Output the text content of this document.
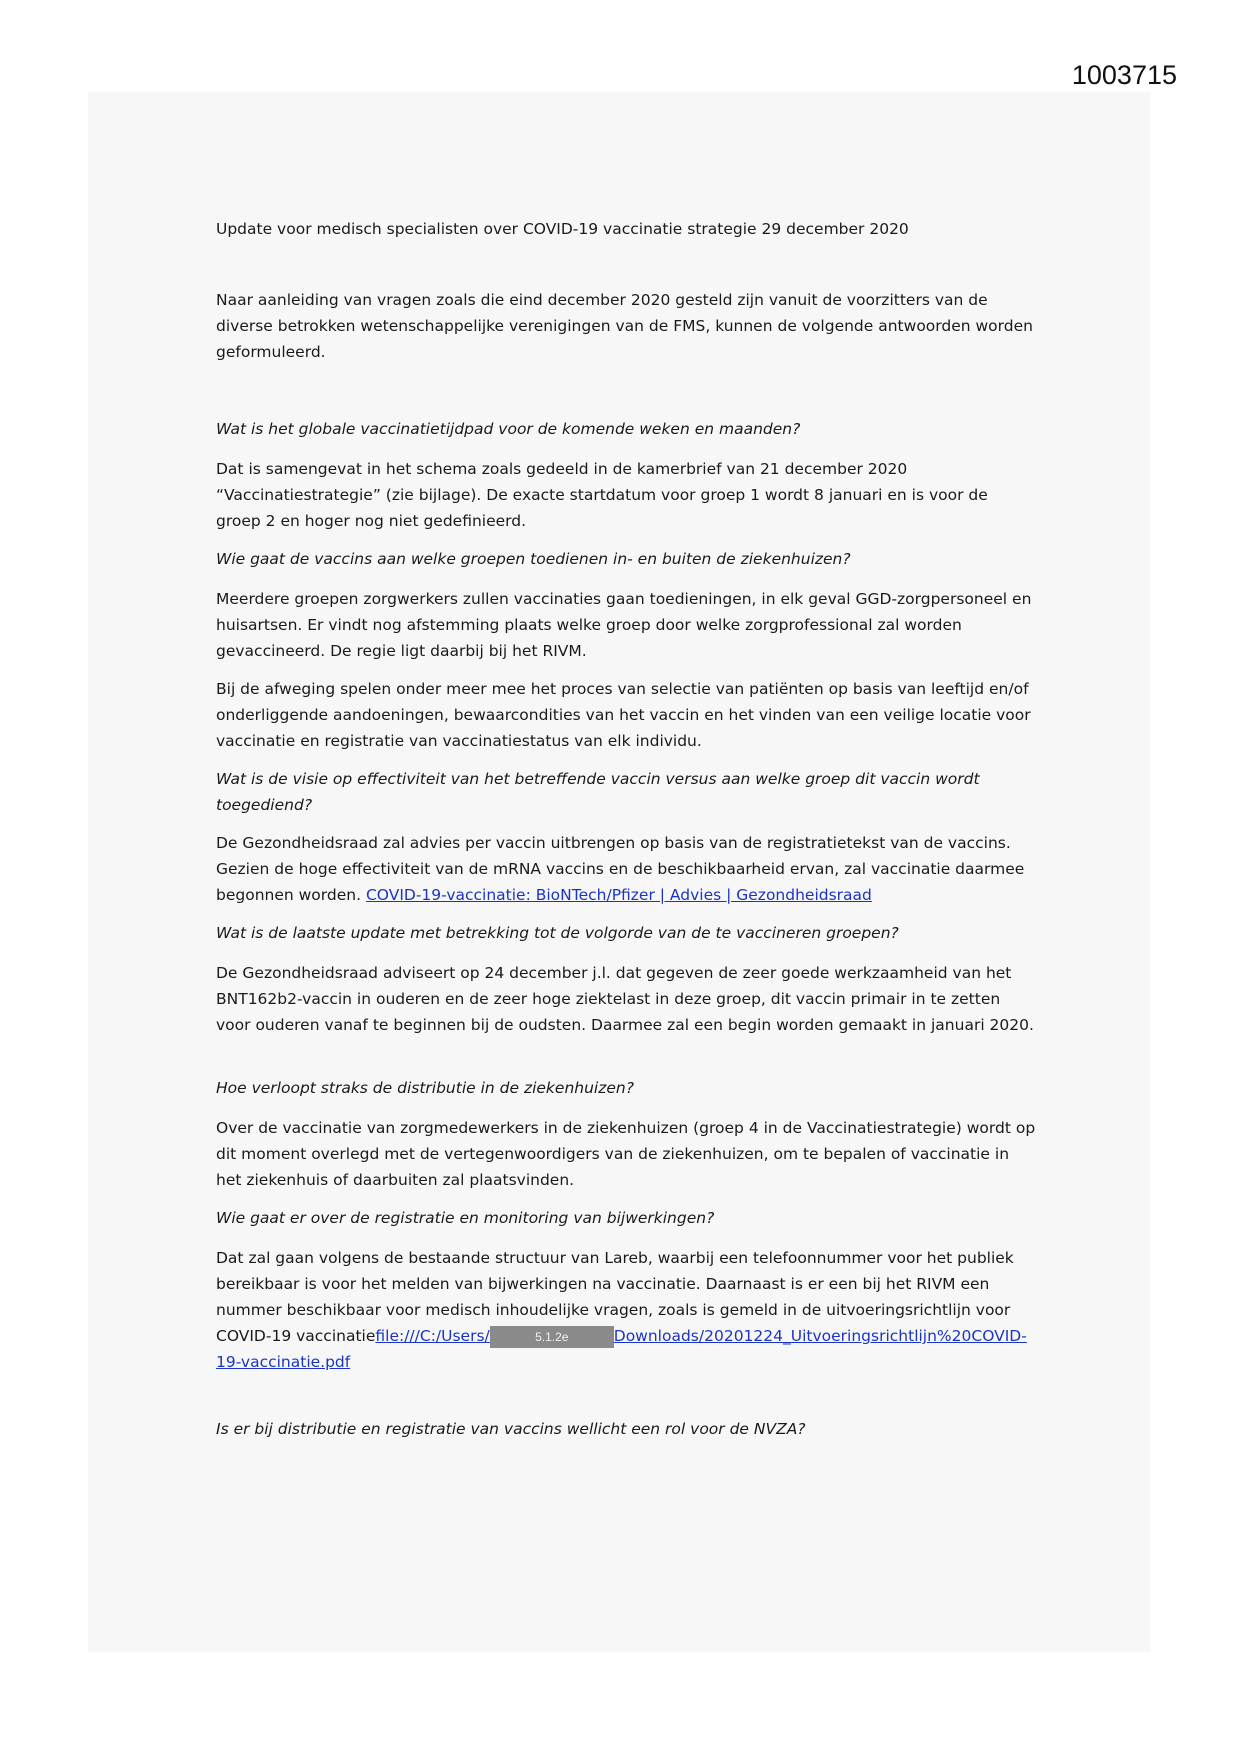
1003715
Update voor medisch specialisten over COVID-19 vaccinatie strategie 29 december 2020

Naar aanleiding van vragen zoals die eind december 2020 gesteld zijn vanuit de voorzitters van de diverse betrokken wetenschappelijke verenigingen van de FMS, kunnen de volgende antwoorden worden geformuleerd.

Wat is het globale vaccinatietijdpad voor de komende weken en maanden?

Dat is samengevat in het schema zoals gedeeld in de kamerbrief van 21 december 2020 “Vaccinatiestrategie” (zie bijlage). De exacte startdatum voor groep 1 wordt 8 januari en is voor de groep 2 en hoger nog niet gedefinieerd.

Wie gaat de vaccins aan welke groepen toedienen in- en buiten de ziekenhuizen?

Meerdere groepen zorgwerkers zullen vaccinaties gaan toedieningen, in elk geval GGD-zorgpersoneel en huisartsen. Er vindt nog afstemming plaats welke groep door welke zorgprofessional zal worden gevaccineerd. De regie ligt daarbij bij het RIVM.

Bij de afweging spelen onder meer mee het proces van selectie van patiënten op basis van leeftijd en/of onderliggende aandoeningen, bewaarcondities van het vaccin en het vinden van een veilige locatie voor vaccinatie en registratie van vaccinatiestatus van elk individu.

Wat is de visie op effectiviteit van het betreffende vaccin versus aan welke groep dit vaccin wordt toegediend?

De Gezondheidsraad zal advies per vaccin uitbrengen op basis van de registratietekst van de vaccins. Gezien de hoge effectiviteit van de mRNA vaccins en de beschikbaarheid ervan, zal vaccinatie daarmee begonnen worden. COVID-19-vaccinatie: BioNTech/Pfizer | Advies | Gezondheidsraad

Wat is de laatste update met betrekking tot de volgorde van de te vaccineren groepen?

De Gezondheidsraad adviseert op 24 december j.l. dat gegeven de zeer goede werkzaamheid van het BNT162b2-vaccin in ouderen en de zeer hoge ziektelast in deze groep, dit vaccin primair in te zetten voor ouderen vanaf te beginnen bij de oudsten. Daarmee zal een begin worden gemaakt in januari 2020.

Hoe verloopt straks de distributie in de ziekenhuizen?

Over de vaccinatie van zorgmedewerkers in de ziekenhuizen (groep 4 in de Vaccinatiestrategie) wordt op dit moment overlegd met de vertegenwoordigers van de ziekenhuizen, om te bepalen of vaccinatie in het ziekenhuis of daarbuiten zal plaatsvinden.

Wie gaat er over de registratie en monitoring van bijwerkingen?

Dat zal gaan volgens de bestaande structuur van Lareb, waarbij een telefoonnummer voor het publiek bereikbaar is voor het melden van bijwerkingen na vaccinatie. Daarnaast is er een bij het RIVM een nummer beschikbaar voor medisch inhoudelijke vragen, zoals is gemeld in de uitvoeringsrichtlijn voor COVID-19 vaccinatiefile:///C:/Users/	5.1.2e	Downloads/20201224_Uitvoeringsrichtlijn%20COVID-19-vaccinatie.pdf

Is er bij distributie en registratie van vaccins wellicht een rol voor de NVZA?
